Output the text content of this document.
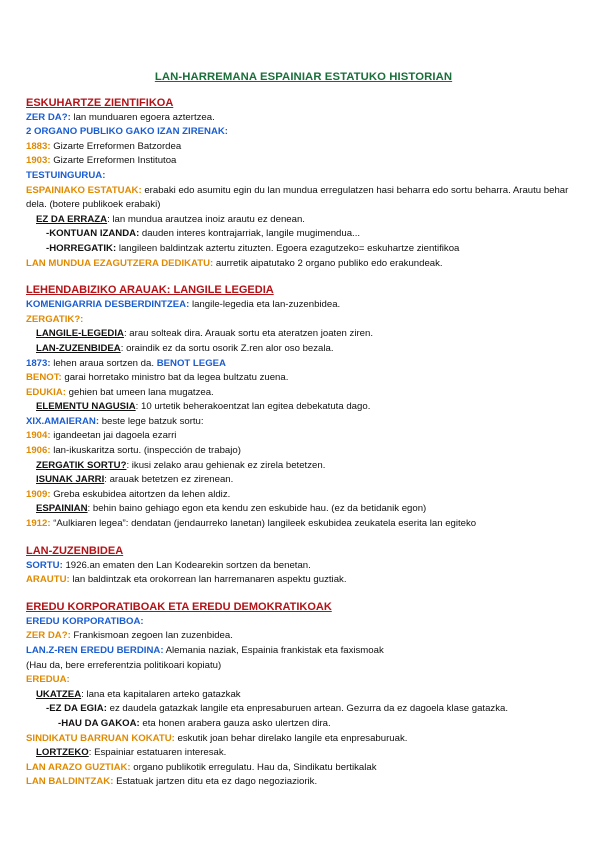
LAN-HARREMANA ESPAINIAR ESTATUKO HISTORIAN

ESKUHARTZE ZIENTIFIKOA

ZER DA?: lan munduaren egoera aztertzea.

2 ORGANO PUBLIKO GAKO IZAN ZIRENAK:

1883: Gizarte Erreformen Batzordea

1903: Gizarte Erreformen Institutoa

TESTUINGURUA:

ESPAINIAKO ESTATUAK: erabaki edo asumitu egin du lan mundua erregulatzen hasi beharra edo sortu beharra. Arautu behar dela. (botere publikoek erabaki)

EZ DA ERRAZA: lan mundua arautzea inoiz arautu ez denean.

-KONTUAN IZANDA: dauden interes kontrajarriak, langile mugimendua...

-HORREGATIK: langileen baldintzak aztertu zituzten. Egoera ezagutzeko= eskuhartze zientifikoa

LAN MUNDUA EZAGUTZERA DEDIKATU: aurretik aipatutako 2 organo publiko edo erakundeak.

LEHENDABIZIKO ARAUAK: LANGILE LEGEDIA

KOMENIGARRIA DESBERDINTZEA: langile-legedia eta lan-zuzenbidea.

ZERGATIK?:

LANGILE-LEGEDIA: arau solteak dira. Arauak sortu eta ateratzen joaten ziren.

LAN-ZUZENBIDEA: oraindik ez da sortu osorik Z.ren alor oso bezala.

1873: lehen araua sortzen da. BENOT LEGEA

BENOT: garai horretako ministro bat da legea bultzatu zuena.

EDUKIA: gehien bat umeen lana mugatzea.

ELEMENTU NAGUSIA: 10 urtetik beherakoentzat lan egitea debekatuta dago.

XIX.AMAIERAN: beste lege batzuk sortu:

1904: igandeetan jai dagoela ezarri

1906: lan-ikuskaritza sortu. (inspección de trabajo)

ZERGATIK SORTU?: ikusi zelako arau gehienak ez zirela betetzen.

ISUNAK JARRI: arauak betetzen ez zirenean.

1909: Greba eskubidea aitortzen da lehen aldiz.

ESPAINIAN: behin baino gehiago egon eta kendu zen eskubide hau. (ez da betidanik egon)

1912: “Aulkiaren legea”: dendatan (jendaurreko lanetan) langileek eskubidea zeukatela eserita lan egiteko

LAN-ZUZENBIDEA

SORTU: 1926.an ematen den Lan Kodearekin sortzen da benetan.

ARAUTU: lan baldintzak eta orokorrean lan harremanaren aspektu guztiak.

EREDU KORPORATIBOAK ETA EREDU DEMOKRATIKOAK

EREDU KORPORATIBOA:

ZER DA?: Frankismoan zegoen lan zuzenbidea.

LAN.Z-REN EREDU BERDINA: Alemania naziak, Espainia frankistak eta faxismoak

(Hau da, bere erreferentzia politikoari kopiatu)

EREDUA:

UKATZEA: lana eta kapitalaren arteko gatazkak

-EZ DA EGIA: ez daudela gatazkak langile eta enpresaburuen artean. Gezurra da ez dagoela klase gatazka.

-HAU DA GAKOA: eta honen arabera gauza asko ulertzen dira.

SINDIKATU BARRUAN KOKATU: eskutik joan behar direlako langile eta enpresaburuak.

LORTZEKO: Espainiar estatuaren interesak.

LAN ARAZO GUZTIAK: organo publikotik erregulatu. Hau da, Sindikatu bertikalak

LAN BALDINTZAK: Estatuak jartzen ditu eta ez dago negoziaziorik.
